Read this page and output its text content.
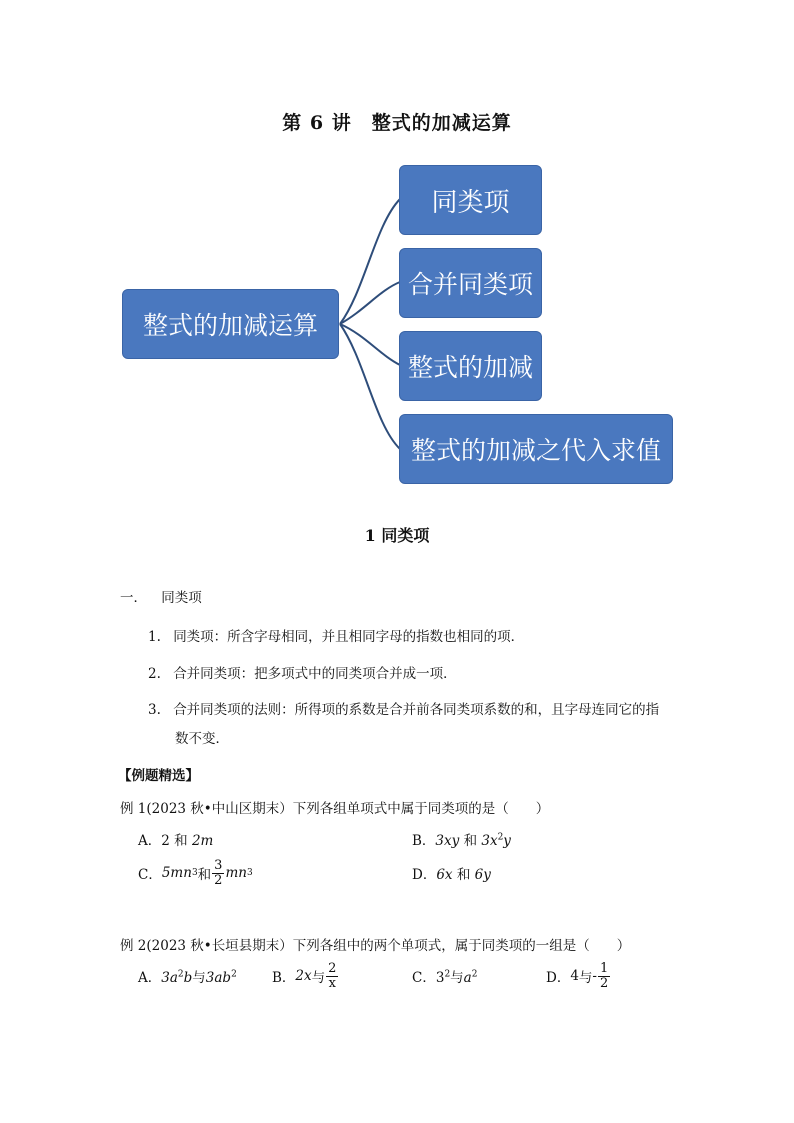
第 6 讲　整式的加减运算
整式的加减运算
同类项
合并同类项
整式的加减
整式的加减之代入求值
1 同类项
一． 同类项
1. 同类项：所含字母相同，并且相同字母的指数也相同的项．
2. 合并同类项：把多项式中的同类项合并成一项．
3. 合并同类项的法则：所得项的系数是合并前各同类项系数的和，且字母连同它的指
数不变．
【例题精选】
例 1(2023 秋•中山区期末）下列各组单项式中属于同类项的是（　　）
A．2 和 2m	B．3xy 和 $3x^2y$
C． 5mn 3 和 $\frac{3}{2}$ mn 3	D．6x 和 6y
例 2(2023 秋•长垣县期末）下列各组中的两个单项式，属于同类项的一组是（　　）
A．$3a^2b$与$3ab^2$	B． 2x 与 $\frac{2}{x}$	C．$3^2$与$a^2$	D． 4 与 - $\frac{1}{2}$
